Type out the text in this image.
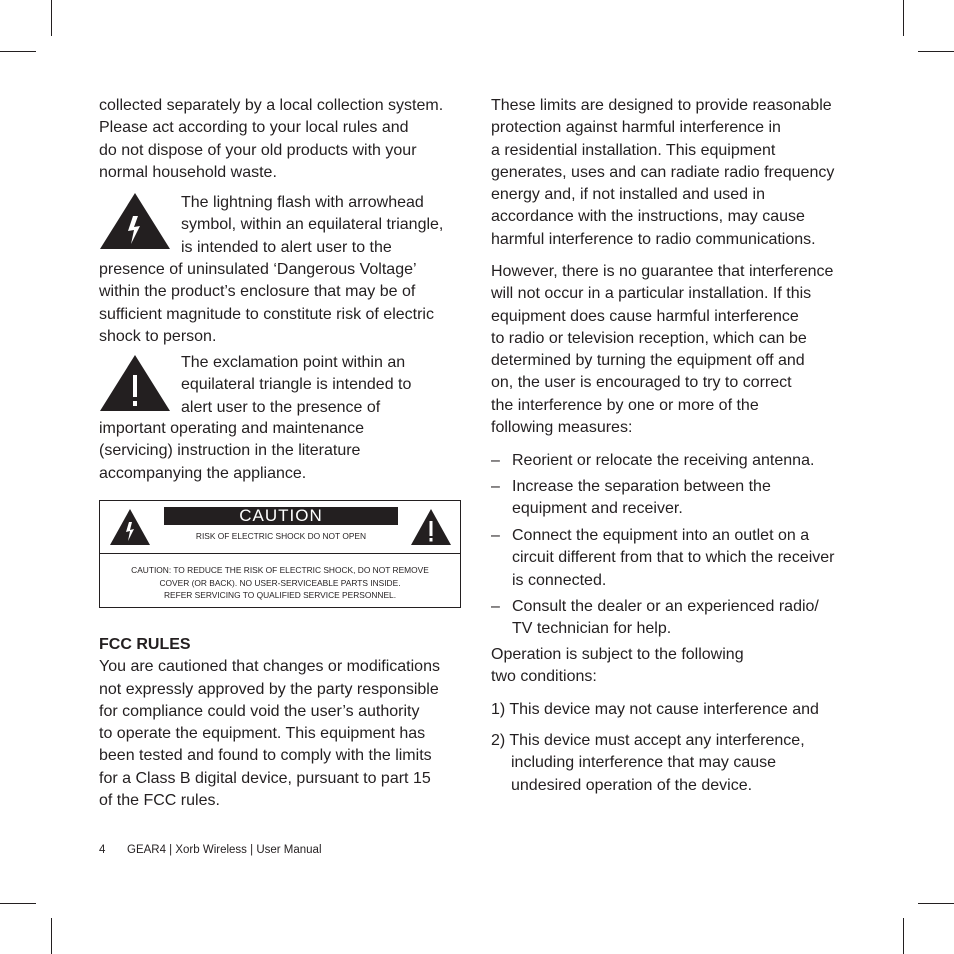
collected separately by a local collection system.
Please act according to your local rules and
do not dispose of your old products with your
normal household waste.
The lightning flash with arrowhead
symbol, within an equilateral triangle,
is intended to alert user to the
presence of uninsulated ‘Dangerous Voltage’
within the product’s enclosure that may be of
sufficient magnitude to constitute risk of electric
shock to person.
The exclamation point within an
equilateral triangle is intended to
alert user to the presence of
important operating and maintenance
(servicing) instruction in the literature
accompanying the appliance.
CAUTION
RISK OF ELECTRIC SHOCK DO NOT OPEN
CAUTION: TO REDUCE THE RISK OF ELECTRIC SHOCK, DO NOT REMOVE
COVER (OR BACK). NO USER-SERVICEABLE PARTS INSIDE.
REFER SERVICING TO QUALIFIED SERVICE PERSONNEL.
FCC RULES
You are cautioned that changes or modifications
not expressly approved by the party responsible
for compliance could void the user’s authority
to operate the equipment. This equipment has
been tested and found to comply with the limits
for a Class B digital device, pursuant to part 15
of the FCC rules.
These limits are designed to provide reasonable
protection against harmful interference in
a residential installation. This equipment
generates, uses and can radiate radio frequency
energy and, if not installed and used in
accordance with the instructions, may cause
harmful interference to radio communications.
However, there is no guarantee that interference
will not occur in a particular installation. If this
equipment does cause harmful interference
to radio or television reception, which can be
determined by turning the equipment off and
on, the user is encouraged to try to correct
the interference by one or more of the
following measures:
– Reorient or relocate the receiving antenna.
– Increase the separation between the
equipment and receiver.
– Connect the equipment into an outlet on a
circuit different from that to which the receiver
is connected.
– Consult the dealer or an experienced radio/
TV technician for help.
Operation is subject to the following
two conditions:
1) This device may not cause interference and
2) This device must accept any interference,
including interference that may cause
undesired operation of the device.
4 GEAR4 | Xorb Wireless | User Manual
